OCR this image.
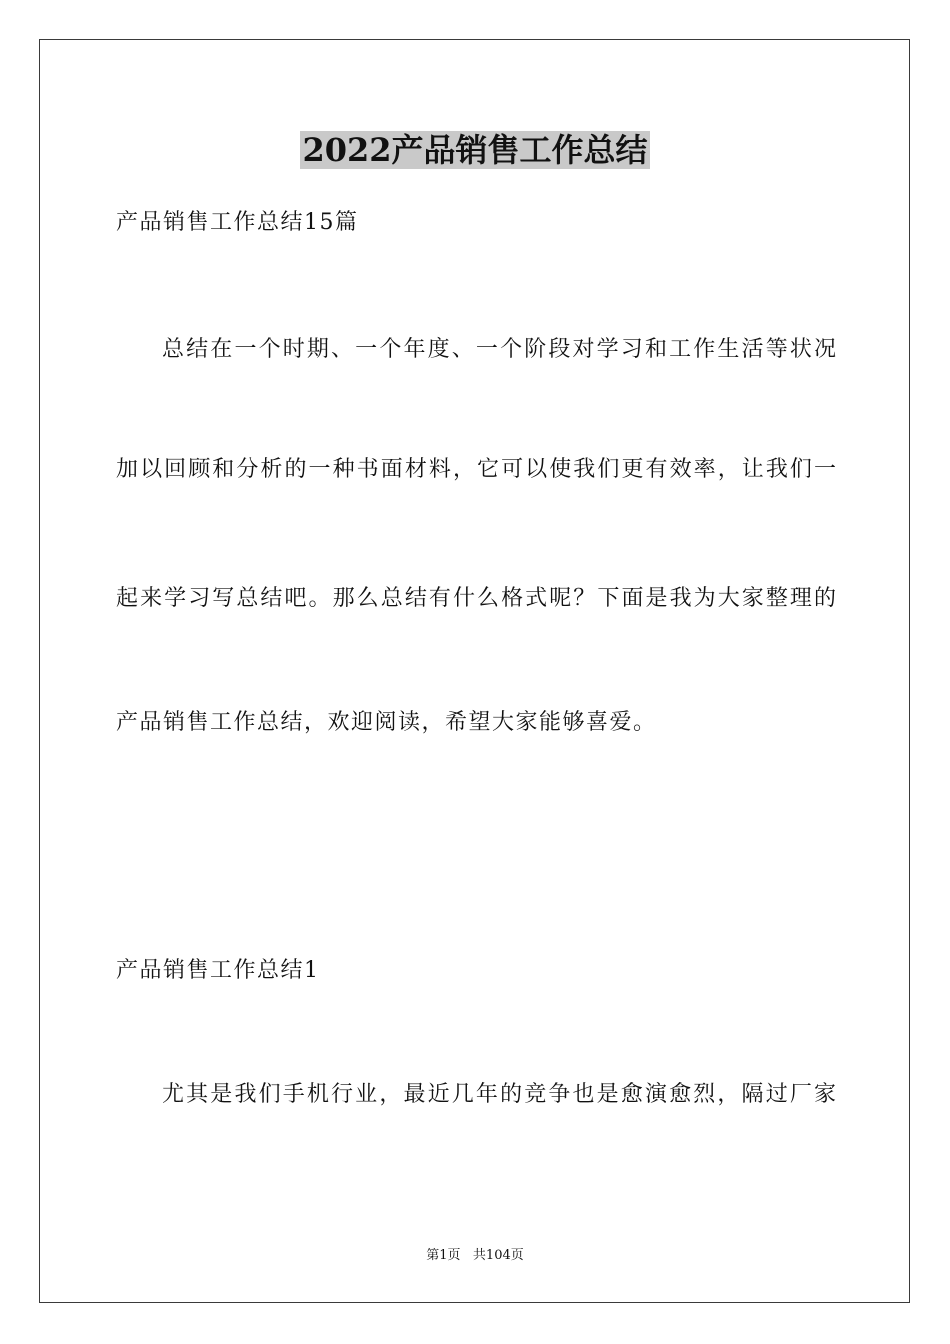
2022产品销售工作总结
产品销售工作总结15篇
总结在一个时期、一个年度、一个阶段对学习和工作生活等状况
加以回顾和分析的一种书面材料，它可以使我们更有效率，让我们一
起来学习写总结吧。那么总结有什么格式呢？下面是我为大家整理的
产品销售工作总结，欢迎阅读，希望大家能够喜爱。
产品销售工作总结1
尤其是我们手机行业，最近几年的竞争也是愈演愈烈，隔过厂家
第1页   共104页
